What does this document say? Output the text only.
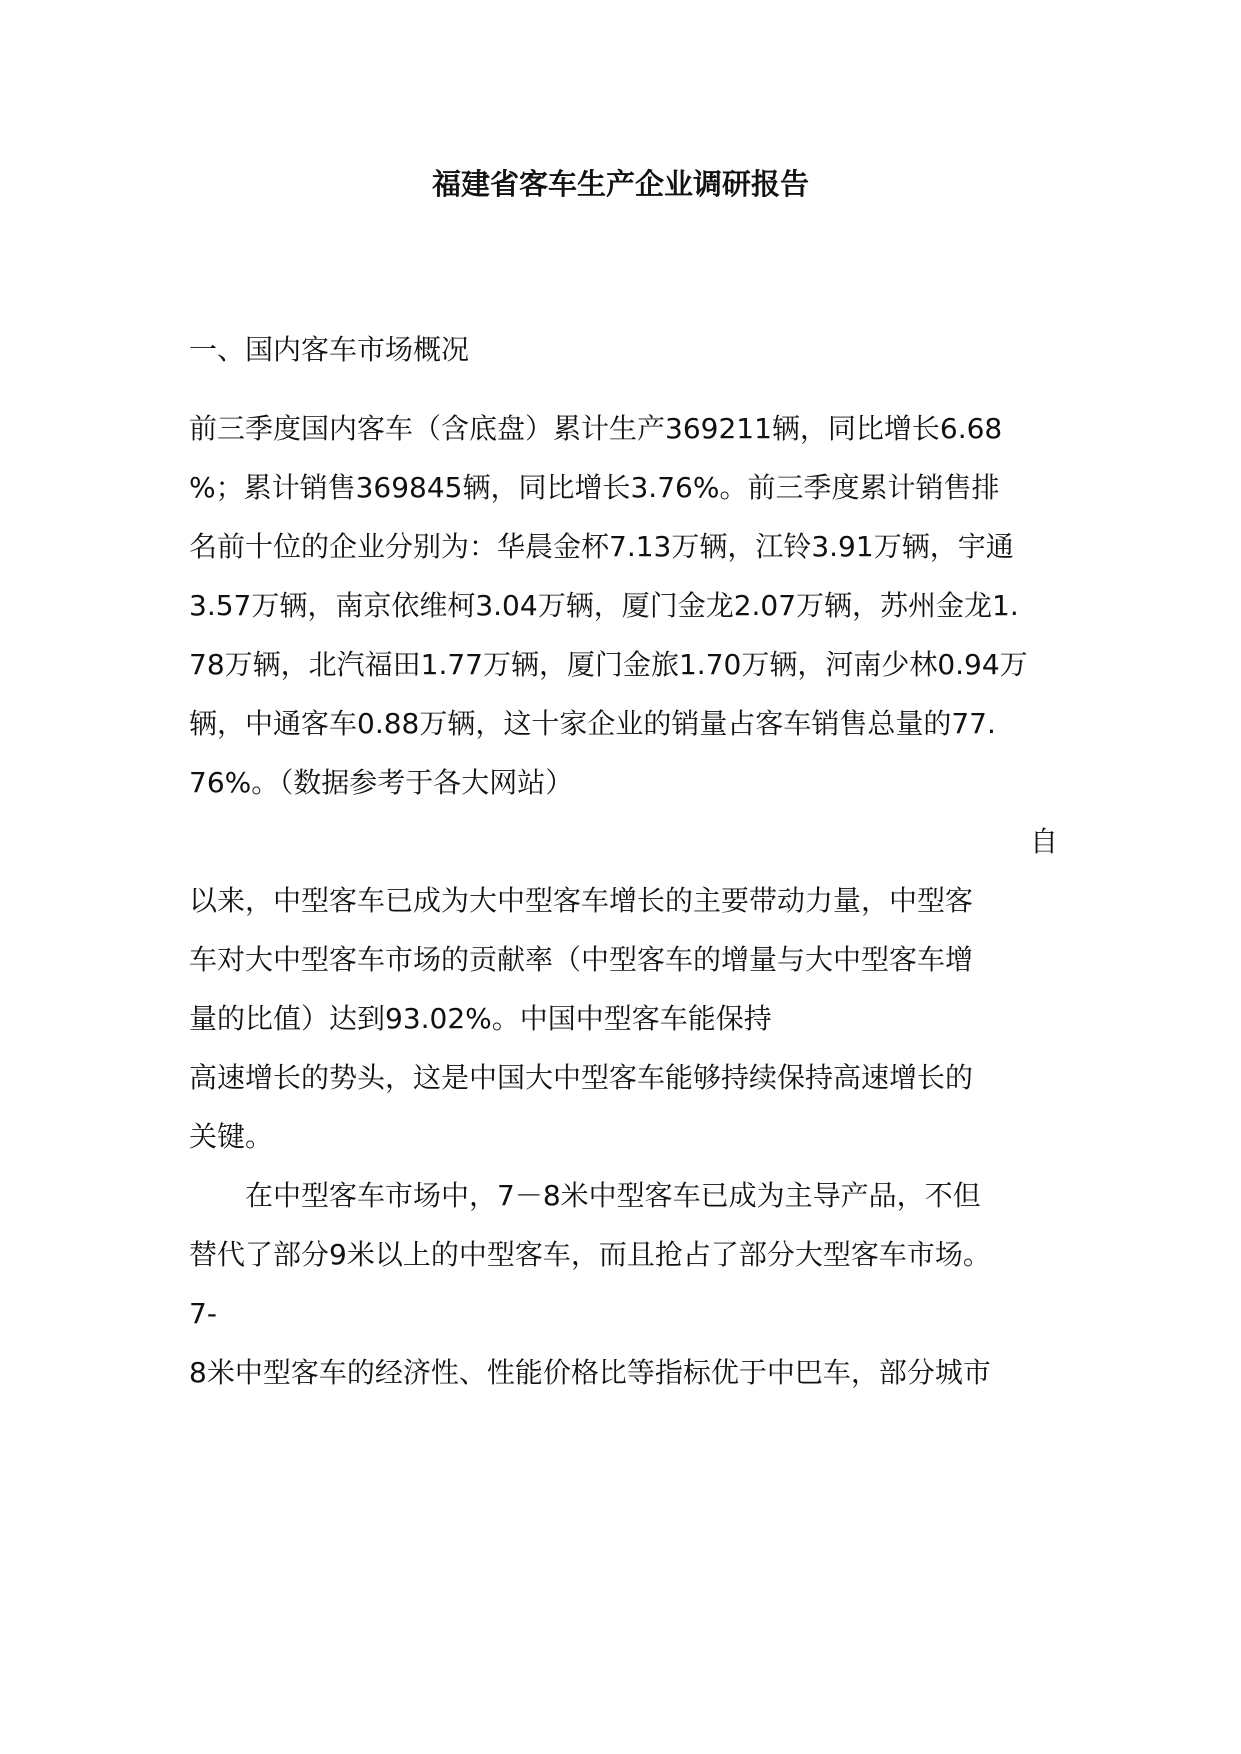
福建省客车生产企业调研报告
一、国内客车市场概况
前三季度国内客车（含底盘）累计生产369211辆，同比增长6.68
%；累计销售369845辆，同比增长3.76%。前三季度累计销售排
名前十位的企业分别为：华晨金杯7.13万辆，江铃3.91万辆，宇通
3.57万辆，南京依维柯3.04万辆，厦门金龙2.07万辆，苏州金龙1.
78万辆，北汽福田1.77万辆，厦门金旅1.70万辆，河南少林0.94万
辆，中通客车0.88万辆，这十家企业的销量占客车销售总量的77.
76%。（数据参考于各大网站）
自
以来，中型客车已成为大中型客车增长的主要带动力量，中型客
车对大中型客车市场的贡献率（中型客车的增量与大中型客车增
量的比值）达到93.02%。中国中型客车能保持
高速增长的势头，这是中国大中型客车能够持续保持高速增长的
关键。
　　在中型客车市场中，7－8米中型客车已成为主导产品，不但
替代了部分9米以上的中型客车，而且抢占了部分大型客车市场。
7-
8米中型客车的经济性、性能价格比等指标优于中巴车，部分城市
